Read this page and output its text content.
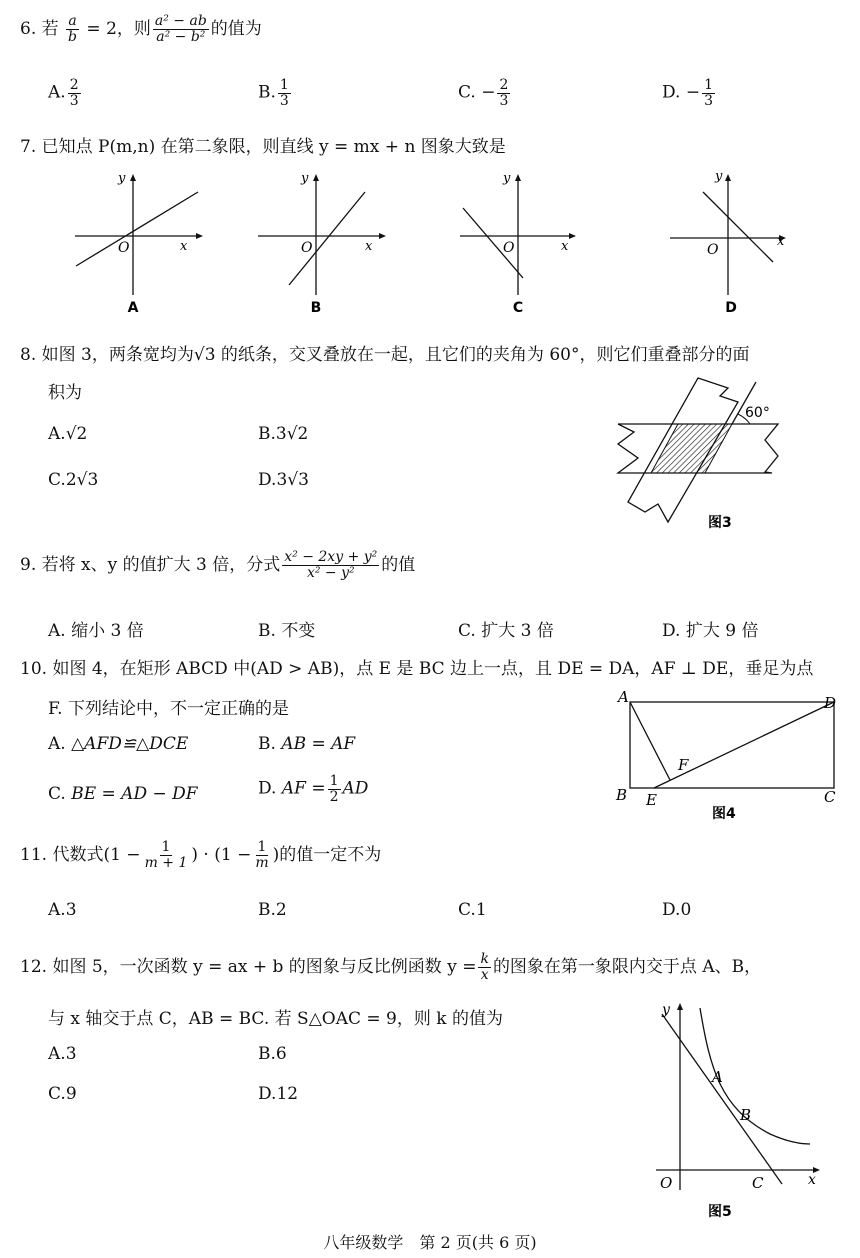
6. 若 $\frac{a}{b} = 2$，则 $\frac{\text{a² − ab}}{\text{a² − b²}}$ 的值为
A. $\frac{2}{3}$	B. $\frac{1}{3}$	C. − $\frac{2}{3}$	D. − $\frac{1}{3}$
7. 已知点 P(m,n) 在第二象限，则直线 y = mx + n 图象大致是
y
x
O
A
y
x
O
B
y
x
O
C
y
x
O
D
8. 如图 3，两条宽均为√3 的纸条，交叉叠放在一起，且它们的夹角为 60°，则它们重叠部分的面
积为
A.√2	B.3√2
C.2√3	D.3√3
60°
图3
9. 若将 x、y 的值扩大 3 倍，分式 $\frac{\text{x² − 2xy + y²}}{\text{x² − y²}}$ 的值
A. 缩小 3 倍	B. 不变	C. 扩大 3 倍	D. 扩大 9 倍
10. 如图 4，在矩形 ABCD 中(AD > AB)，点 E 是 BC 边上一点，且 DE = DA，AF ⊥ DE，垂足为点
F. 下列结论中，不一定正确的是
A. △AFD≌△DCE	B. AB = AF
C. BE = AD − DF	D. AF = $\frac{1}{2}$ AD
A	D
B E
F
C
图4
11. 代数式($1 - \frac{1}{m + 1}$ ) · ($1 - \frac{1}{m}$ )的值一定不为
A.3	B.2	C.1	D.0
12. 如图 5，一次函数 y = ax + b 的图象与反比例函数 $y = \frac{k}{x}$ 的图象在第一象限内交于点 A、B，
与 x 轴交于点 C，AB = BC. 若 S△OAC = 9，则 k 的值为
A.3	B.6
C.9	D.12
y
x
O
A
B
C
图5
八年级数学　第 2 页(共 6 页)
